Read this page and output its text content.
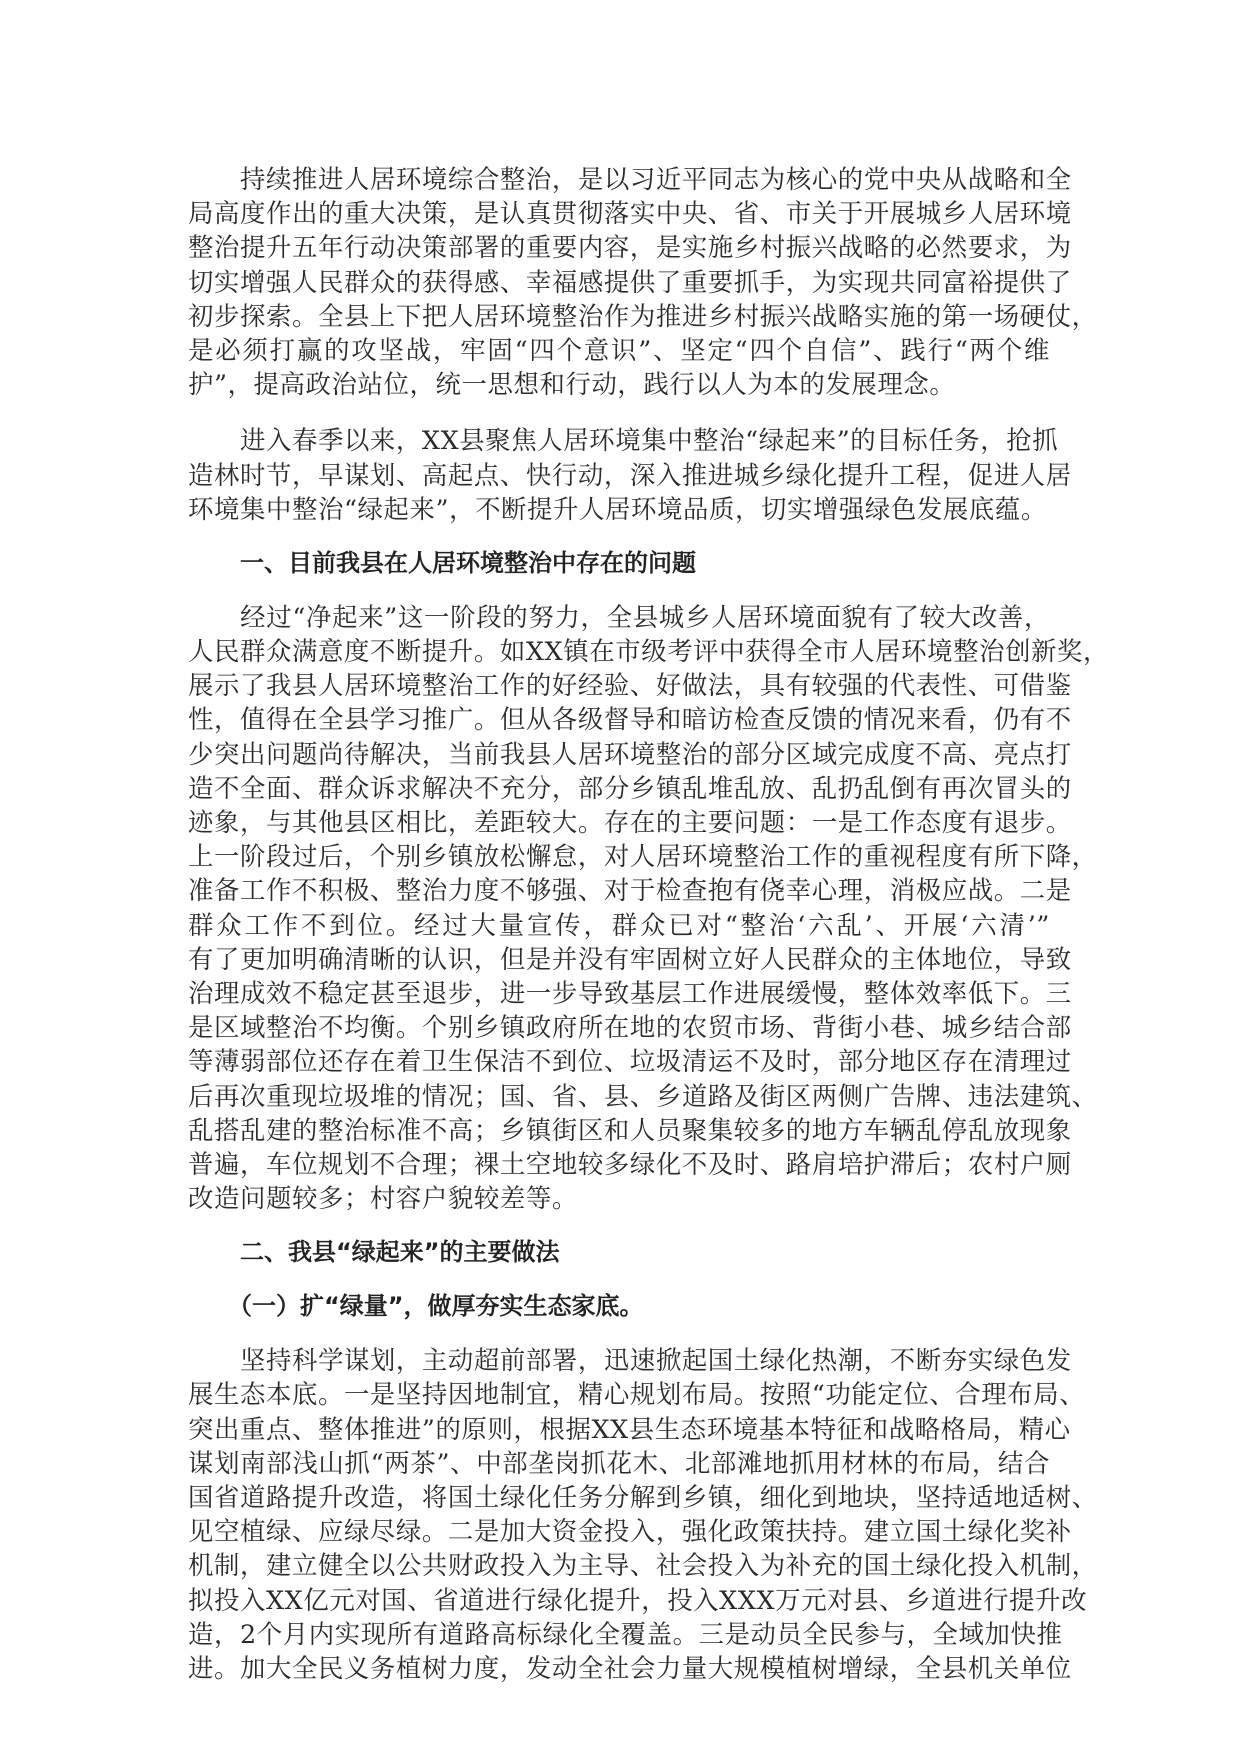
　　持续推进人居环境综合整治，是以习近平同志为核心的党中央从战略和全
局高度作出的重大决策，是认真贯彻落实中央、省、市关于开展城乡人居环境
整治提升五年行动决策部署的重要内容，是实施乡村振兴战略的必然要求，为
切实增强人民群众的获得感、幸福感提供了重要抓手，为实现共同富裕提供了
初步探索。全县上下把人居环境整治作为推进乡村振兴战略实施的第一场硬仗，
是必须打赢的攻坚战，牢固“四个意识”、坚定“四个自信”、践行“两个维
护”，提高政治站位，统一思想和行动，践行以人为本的发展理念。
　　进入春季以来，XX县聚焦人居环境集中整治“绿起来”的目标任务，抢抓
造林时节，早谋划、高起点、快行动，深入推进城乡绿化提升工程，促进人居
环境集中整治“绿起来”，不断提升人居环境品质，切实增强绿色发展底蕴。
一、目前我县在人居环境整治中存在的问题
　　经过“净起来”这一阶段的努力，全县城乡人居环境面貌有了较大改善，
人民群众满意度不断提升。如XX镇在市级考评中获得全市人居环境整治创新奖，
展示了我县人居环境整治工作的好经验、好做法，具有较强的代表性、可借鉴
性，值得在全县学习推广。但从各级督导和暗访检查反馈的情况来看，仍有不
少突出问题尚待解决，当前我县人居环境整治的部分区域完成度不高、亮点打
造不全面、群众诉求解决不充分，部分乡镇乱堆乱放、乱扔乱倒有再次冒头的
迹象，与其他县区相比，差距较大。存在的主要问题：一是工作态度有退步。
上一阶段过后，个别乡镇放松懈怠，对人居环境整治工作的重视程度有所下降，
准备工作不积极、整治力度不够强、对于检查抱有侥幸心理，消极应战。二是
群众工作不到位。经过大量宣传，群众已对“整治‘六乱’、开展‘六清’”
有了更加明确清晰的认识，但是并没有牢固树立好人民群众的主体地位，导致
治理成效不稳定甚至退步，进一步导致基层工作进展缓慢，整体效率低下。三
是区域整治不均衡。个别乡镇政府所在地的农贸市场、背街小巷、城乡结合部
等薄弱部位还存在着卫生保洁不到位、垃圾清运不及时，部分地区存在清理过
后再次重现垃圾堆的情况；国、省、县、乡道路及街区两侧广告牌、违法建筑、
乱搭乱建的整治标准不高；乡镇街区和人员聚集较多的地方车辆乱停乱放现象
普遍，车位规划不合理；裸土空地较多绿化不及时、路肩培护滞后；农村户厕
改造问题较多；村容户貌较差等。
二、我县“绿起来”的主要做法
（一）扩“绿量”，做厚夯实生态家底。
　　坚持科学谋划，主动超前部署，迅速掀起国土绿化热潮，不断夯实绿色发
展生态本底。一是坚持因地制宜，精心规划布局。按照“功能定位、合理布局、
突出重点、整体推进”的原则，根据XX县生态环境基本特征和战略格局，精心
谋划南部浅山抓“两茶”、中部垄岗抓花木、北部滩地抓用材林的布局，结合
国省道路提升改造，将国土绿化任务分解到乡镇，细化到地块，坚持适地适树、
见空植绿、应绿尽绿。二是加大资金投入，强化政策扶持。建立国土绿化奖补
机制，建立健全以公共财政投入为主导、社会投入为补充的国土绿化投入机制，
拟投入XX亿元对国、省道进行绿化提升，投入XXX万元对县、乡道进行提升改
造，2个月内实现所有道路高标绿化全覆盖。三是动员全民参与，全域加快推
进。加大全民义务植树力度，发动全社会力量大规模植树增绿，全县机关单位
